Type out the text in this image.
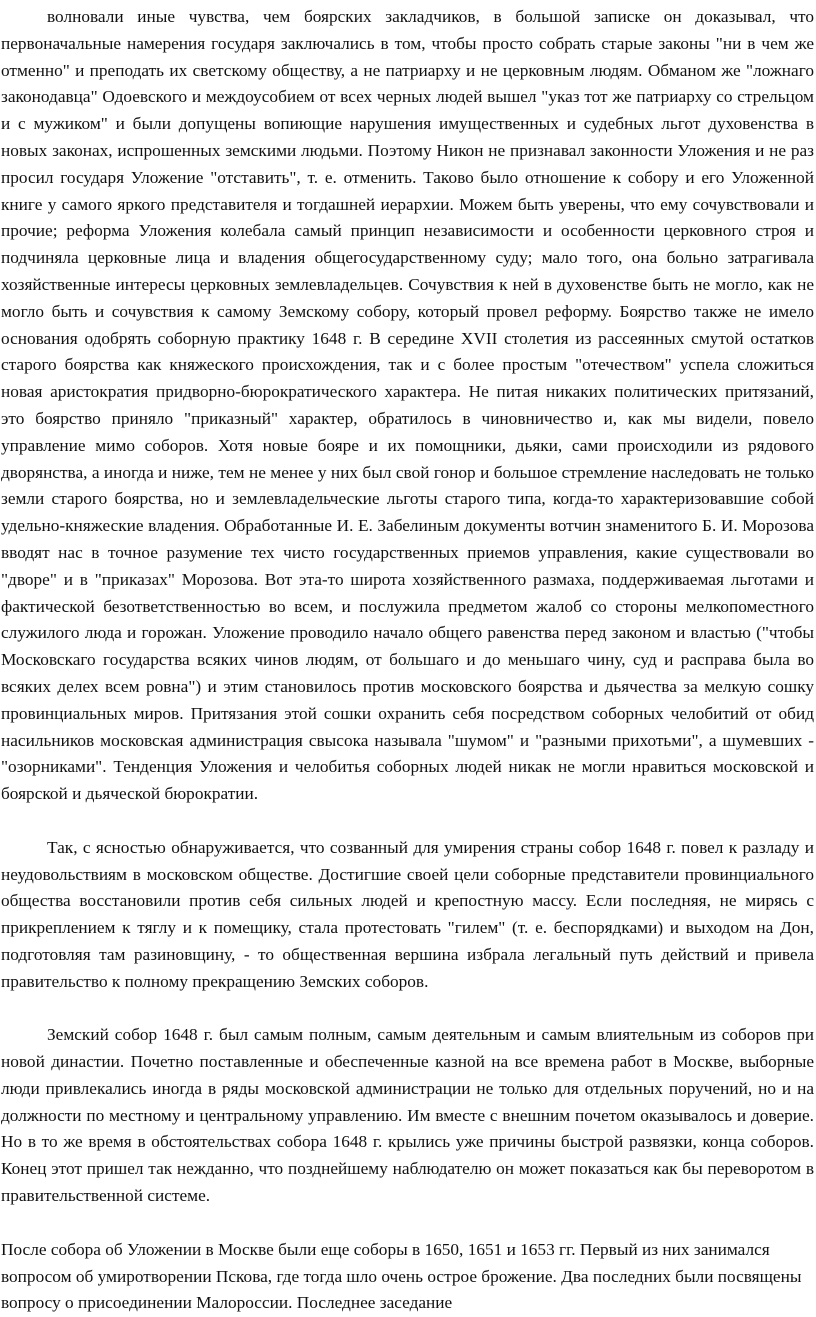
волновали иные чувства, чем боярских закладчиков, в большой записке он доказывал, что первоначальные намерения государя заключались в том, чтобы просто собрать старые законы "ни в чем же отменно" и преподать их светскому обществу, а не патриарху и не церковным людям. Обманом же "ложнаго законодавца" Одоевского и междоусобием от всех черных людей вышел "указ тот же патриарху со стрельцом и с мужиком" и были допущены вопиющие нарушения имущественных и судебных льгот духовенства в новых законах, испрошенных земскими людьми. Поэтому Никон не признавал законности Уложения и не раз просил государя Уложение "отставить", т. е. отменить. Таково было отношение к собору и его Уложенной книге у самого яркого представителя и тогдашней иерархии. Можем быть уверены, что ему сочувствовали и прочие; реформа Уложения колебала самый принцип независимости и особенности церковного строя и подчиняла церковные лица и владения общегосударственному суду; мало того, она больно затрагивала хозяйственные интересы церковных землевладельцев. Сочувствия к ней в духовенстве быть не могло, как не могло быть и сочувствия к самому Земскому собору, который провел реформу. Боярство также не имело основания одобрять соборную практику 1648 г. В середине XVII столетия из рассеянных смутой остатков старого боярства как княжеского происхождения, так и с более простым "отечеством" успела сложиться новая аристократия придворно-бюрократического характера. Не питая никаких политических притязаний, это боярство приняло "приказный" характер, обратилось в чиновничество и, как мы видели, повело управление мимо соборов. Хотя новые бояре и их помощники, дьяки, сами происходили из рядового дворянства, а иногда и ниже, тем не менее у них был свой гонор и большое стремление наследовать не только земли старого боярства, но и землевладельческие льготы старого типа, когда-то характеризовавшие собой удельно-княжеские владения. Обработанные И. Е. Забелиным документы вотчин знаменитого Б. И. Морозова вводят нас в точное разумение тех чисто государственных приемов управления, какие существовали во "дворе" и в "приказах" Морозова. Вот эта-то широта хозяйственного размаха, поддерживаемая льготами и фактической безответственностью во всем, и послужила предметом жалоб со стороны мелкопоместного служилого люда и горожан. Уложение проводило начало общего равенства перед законом и властью ("чтобы Московскаго государства всяких чинов людям, от большаго и до меньшаго чину, суд и расправа была во всяких делех всем ровна") и этим становилось против московского боярства и дьячества за мелкую сошку провинциальных миров. Притязания этой сошки охранить себя посредством соборных челобитий от обид насильников московская администрация свысока называла "шумом" и "разными прихотьми", а шумевших - "озорниками". Тенденция Уложения и челобитья соборных людей никак не могли нравиться московской и боярской и дьяческой бюрократии.

Так, с ясностью обнаруживается, что созванный для умирения страны собор 1648 г. повел к разладу и неудовольствиям в московском обществе. Достигшие своей цели соборные представители провинциального общества восстановили против себя сильных людей и крепостную массу. Если последняя, не мирясь с прикреплением к тяглу и к помещику, стала протестовать "гилем" (т. е. беспорядками) и выходом на Дон, подготовляя там разиновщину, - то общественная вершина избрала легальный путь действий и привела правительство к полному прекращению Земских соборов.

Земский собор 1648 г. был самым полным, самым деятельным и самым влиятельным из соборов при новой династии. Почетно поставленные и обеспеченные казной на все времена работ в Москве, выборные люди привлекались иногда в ряды московской администрации не только для отдельных поручений, но и на должности по местному и центральному управлению. Им вместе с внешним почетом оказывалось и доверие. Но в то же время в обстоятельствах собора 1648 г. крылись уже причины быстрой развязки, конца соборов. Конец этот пришел так нежданно, что позднейшему наблюдателю он может показаться как бы переворотом в правительственной системе.

После собора об Уложении в Москве были еще соборы в 1650, 1651 и 1653 гг. Первый из них занимался вопросом об умиротворении Пскова, где тогда шло очень острое брожение. Два последних были посвящены вопросу о присоединении Малороссии. Последнее заседание
